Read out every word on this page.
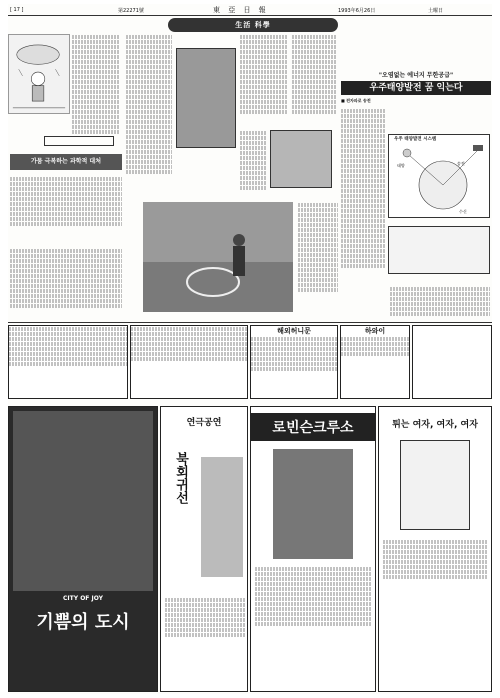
[ 17 ]	第22271號	東 亞 日 報	1993年6月26日	土曜日
生活 科學
가뭄 극복하는 과학적 대처

"오염없는 에너지 무한공급"
우주태양발전 꿈 익는다
■ 전자파로 송전
태양	송전
수신
우주 태양발전 시스템
해외허니문	하와이
CITY OF JOY
기쁨의 도시
연극공연
북회귀선
로빈슨크루소	튀는 여자, 여자, 여자
